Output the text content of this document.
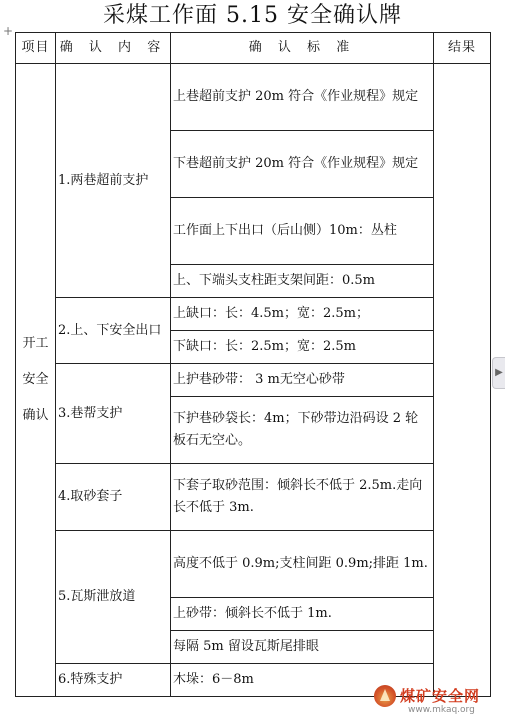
采煤工作面 5.15 安全确认牌
+
项目	确 认 内 容	确 认 标 准	结果
开工安全确认	1.两巷超前支护	上巷超前支护 20m 符合《作业规程》规定	
		下巷超前支护 20m 符合《作业规程》规定	
		工作面上下出口（后山侧）10m：丛柱	
		上、下端头支柱距支架间距：0.5m	
	2.上、下安全出口	上缺口：长：4.5m；宽：2.5m；	
		下缺口：长：2.5m；宽：2.5m	
	3.巷帮支护	上护巷砂带： 3 m无空心砂带	
		下护巷砂袋长：4m；下砂带边沿码设 2 轮板石无空心。	
	4.取砂套子	下套子取砂范围：倾斜长不低于 2.5m.走向长不低于 3m.	
	5.瓦斯泄放道	高度不低于 0.9m;支柱间距 0.9m;排距 1m.	
		上砂带：倾斜长不低于 1m.	
		每隔 5m 留设瓦斯尾排眼	
	6.特殊支护	木垛：6－8m	
▶
煤矿安全网
www.mkaq.org
